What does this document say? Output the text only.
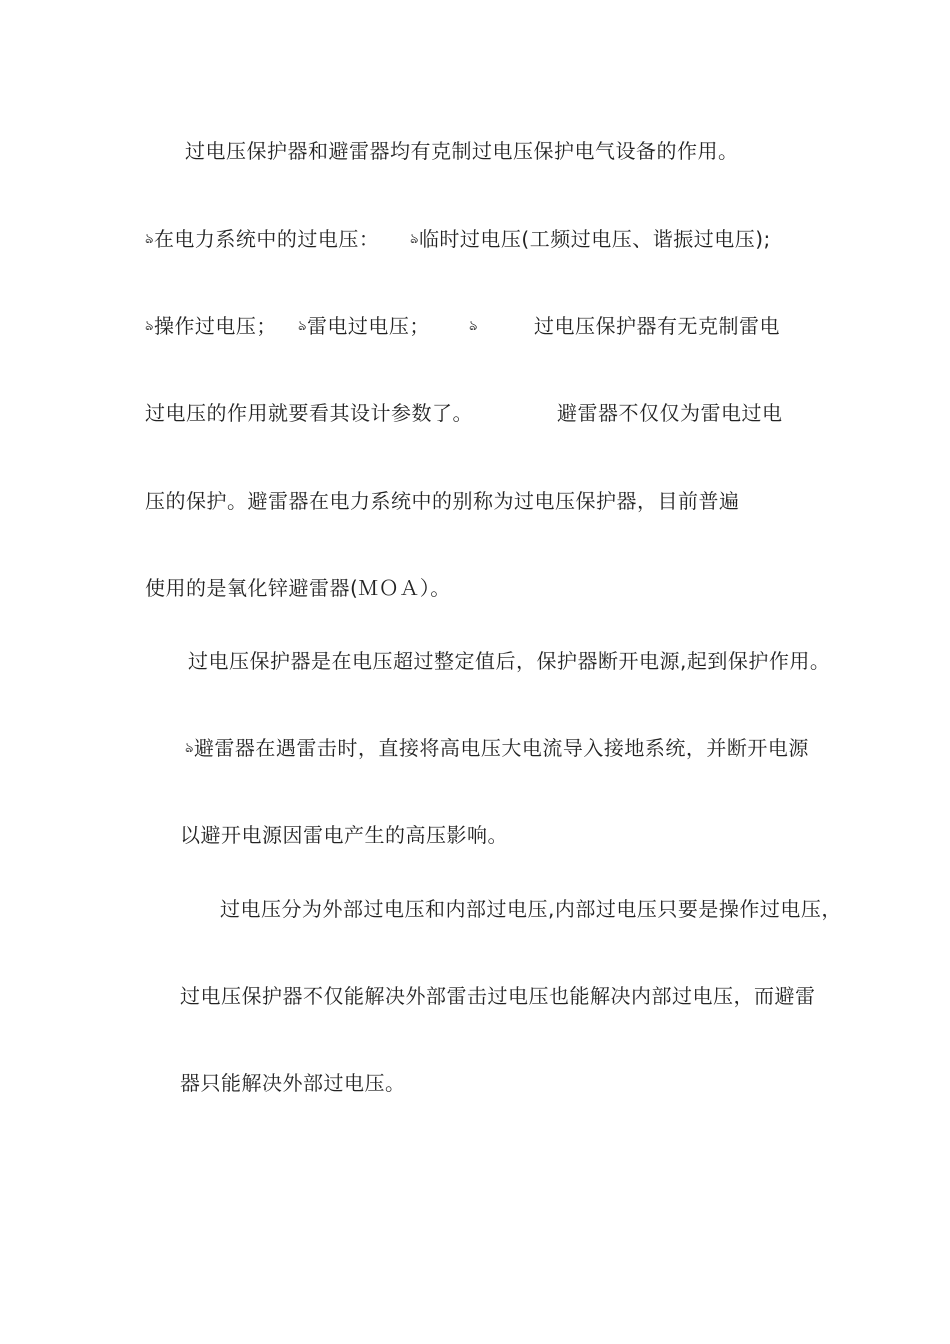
过电压保护器和避雷器均有克制过电压保护电气设备的作用。
ঌ在电力系统中的过电压： ঌ临时过电压(工频过电压、谐振过电压);
ঌ操作过电压； ঌ雷电过电压；	ঌ	过电压保护器有无克制雷电
过电压的作用就要看其设计参数了。	避雷器不仅仅为雷电过电
压的保护。避雷器在电力系统中的别称为过电压保护器，目前普遍
使用的是氧化锌避雷器(ＭＯＡ）。
过电压保护器是在电压超过整定值后，保护器断开电源,起到保护作用。
ঌ避雷器在遇雷击时，直接将高电压大电流导入接地系统，并断开电源
以避开电源因雷电产生的高压影响。
过电压分为外部过电压和内部过电压,内部过电压只要是操作过电压，
过电压保护器不仅能解决外部雷击过电压也能解决内部过电压，而避雷
器只能解决外部过电压。
